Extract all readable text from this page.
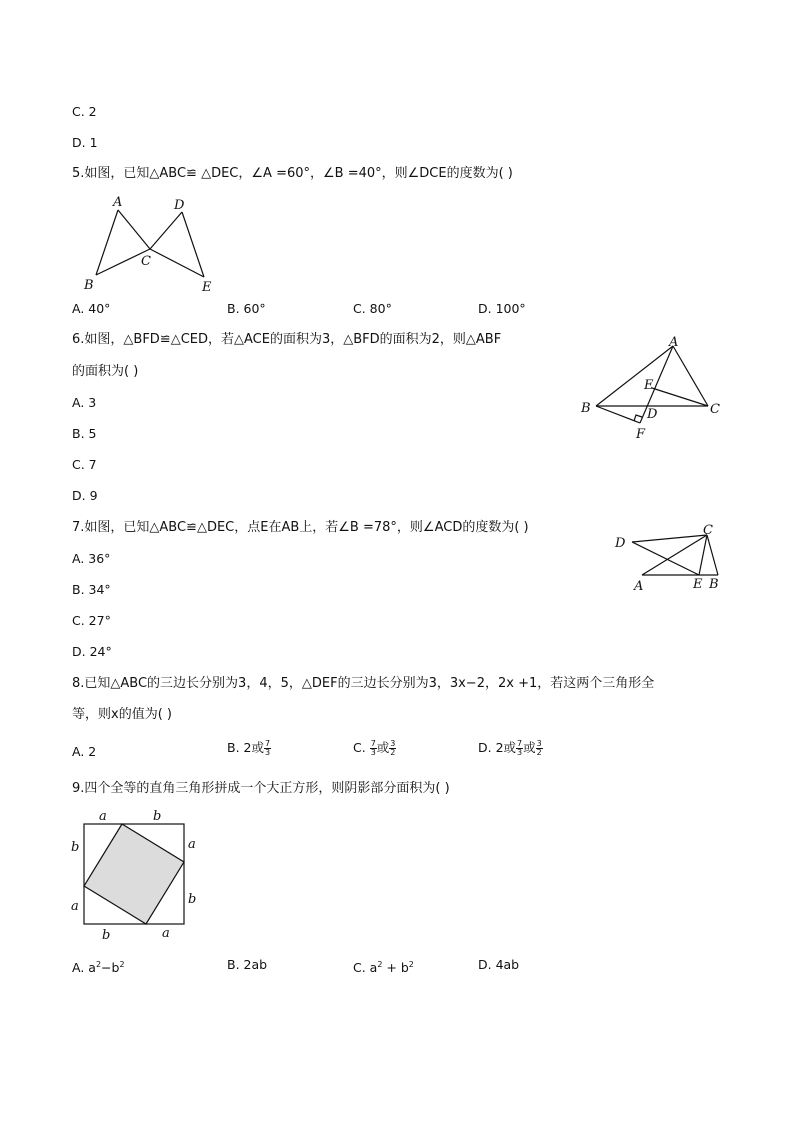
C. 2
D. 1
5.如图，已知△ABC≌ △DEC，∠A =60°，∠B =40°，则∠DCE的度数为( )
A	D
C
B	E
A. 40°	B. 60°	C. 80°	D. 100°
6.如图，△BFD≌△CED，若△ACE的面积为3，△BFD的面积为2，则△ABF
的面积为( )
A
E
B	D	C
F
A. 3
B. 5
C. 7
D. 9
7.如图，已知△ABC≌△DEC，点E在AB上，若∠B =78°，则∠ACD的度数为( )	C
D
A	E B
A. 36°
B. 34°
C. 27°
D. 24°
8.已知△ABC的三边长分别为3，4，5，△DEF的三边长分别为3，3x−2，2x +1，若这两个三角形全
等，则x的值为( )
A. 2	B. 2或 $\frac{7}{3}$	C. $\frac{7}{3}$ 或 $\frac{3}{2}$	D. 2或 $\frac{7}{3}$ 或 $\frac{3}{2}$
9.四个全等的直角三角形拼成一个大正方形，则阴影部分面积为( )
a	b
a
b
b
a
b	a
A. $a^2-b^2$	B. 2ab	C. $a^2 + b^2$	D. 4ab
